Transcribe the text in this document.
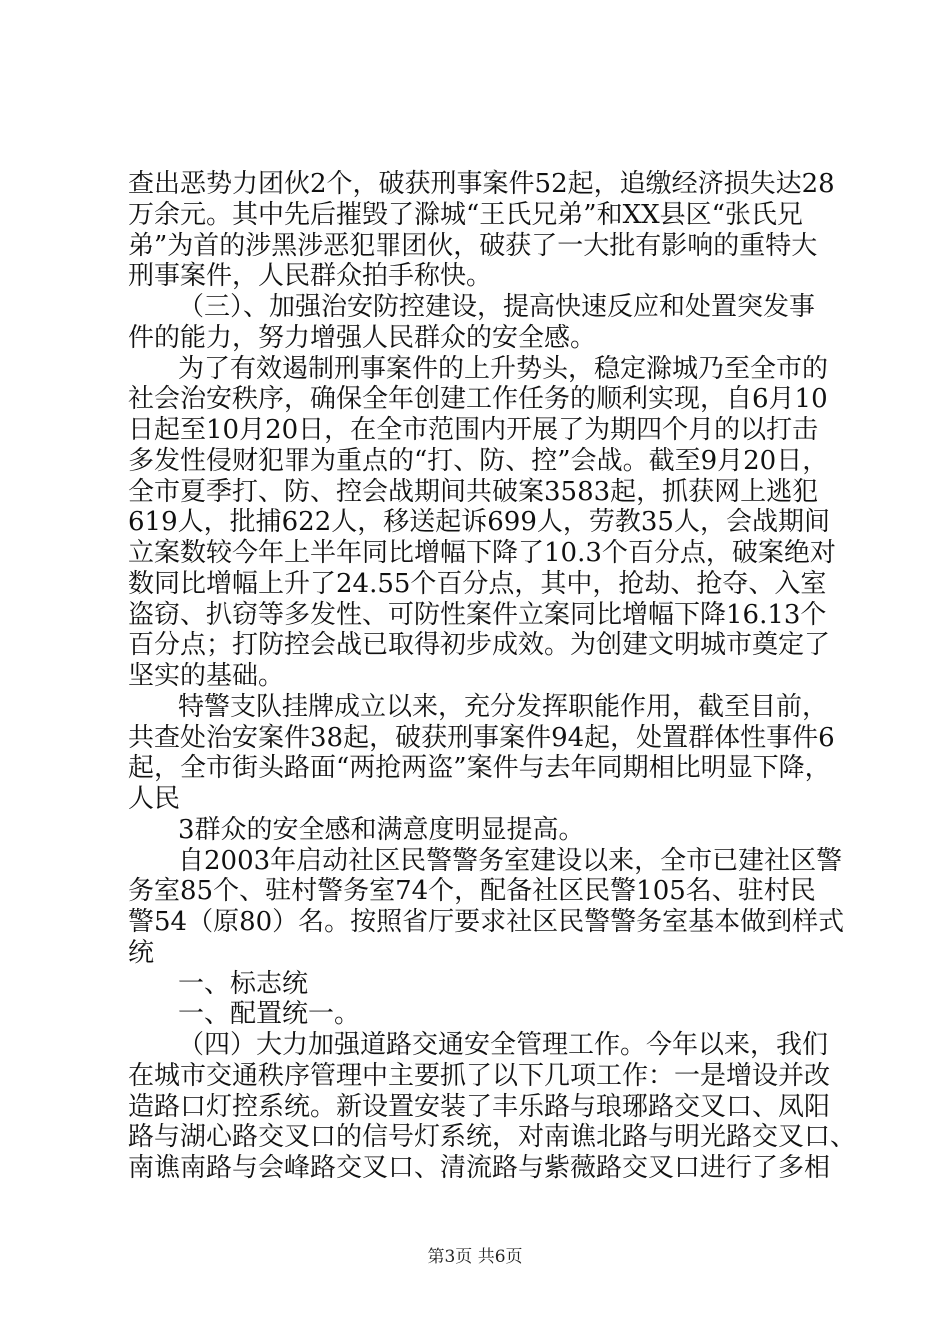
查出恶势力团伙2个，破获刑事案件52起，追缴经济损失达28
万余元。其中先后摧毁了滁城“王氏兄弟”和XX县区“张氏兄
弟”为首的涉黑涉恶犯罪团伙，破获了一大批有影响的重特大
刑事案件，人民群众拍手称快。
（三）、加强治安防控建设，提高快速反应和处置突发事
件的能力，努力增强人民群众的安全感。
为了有效遏制刑事案件的上升势头，稳定滁城乃至全市的
社会治安秩序，确保全年创建工作任务的顺利实现，自6月10
日起至10月20日，在全市范围内开展了为期四个月的以打击
多发性侵财犯罪为重点的“打、防、控”会战。截至9月20日，
全市夏季打、防、控会战期间共破案3583起，抓获网上逃犯
619人，批捕622人，移送起诉699人，劳教35人，会战期间
立案数较今年上半年同比增幅下降了10.3个百分点，破案绝对
数同比增幅上升了24.55个百分点，其中，抢劫、抢夺、入室
盗窃、扒窃等多发性、可防性案件立案同比增幅下降16.13个
百分点；打防控会战已取得初步成效。为创建文明城市奠定了
坚实的基础。
特警支队挂牌成立以来，充分发挥职能作用，截至目前，
共查处治安案件38起，破获刑事案件94起，处置群体性事件6
起，全市街头路面“两抢两盗”案件与去年同期相比明显下降，
人民
3群众的安全感和满意度明显提高。
自2003年启动社区民警警务室建设以来，全市已建社区警
务室85个、驻村警务室74个，配备社区民警105名、驻村民
警54（原80）名。按照省厅要求社区民警警务室基本做到样式
统
一、标志统
一、配置统一。
（四）大力加强道路交通安全管理工作。今年以来，我们
在城市交通秩序管理中主要抓了以下几项工作：一是增设并改
造路口灯控系统。新设置安装了丰乐路与琅琊路交叉口、凤阳
路与湖心路交叉口的信号灯系统，对南谯北路与明光路交叉口、
南谯南路与会峰路交叉口、清流路与紫薇路交叉口进行了多相
第3页 共6页
